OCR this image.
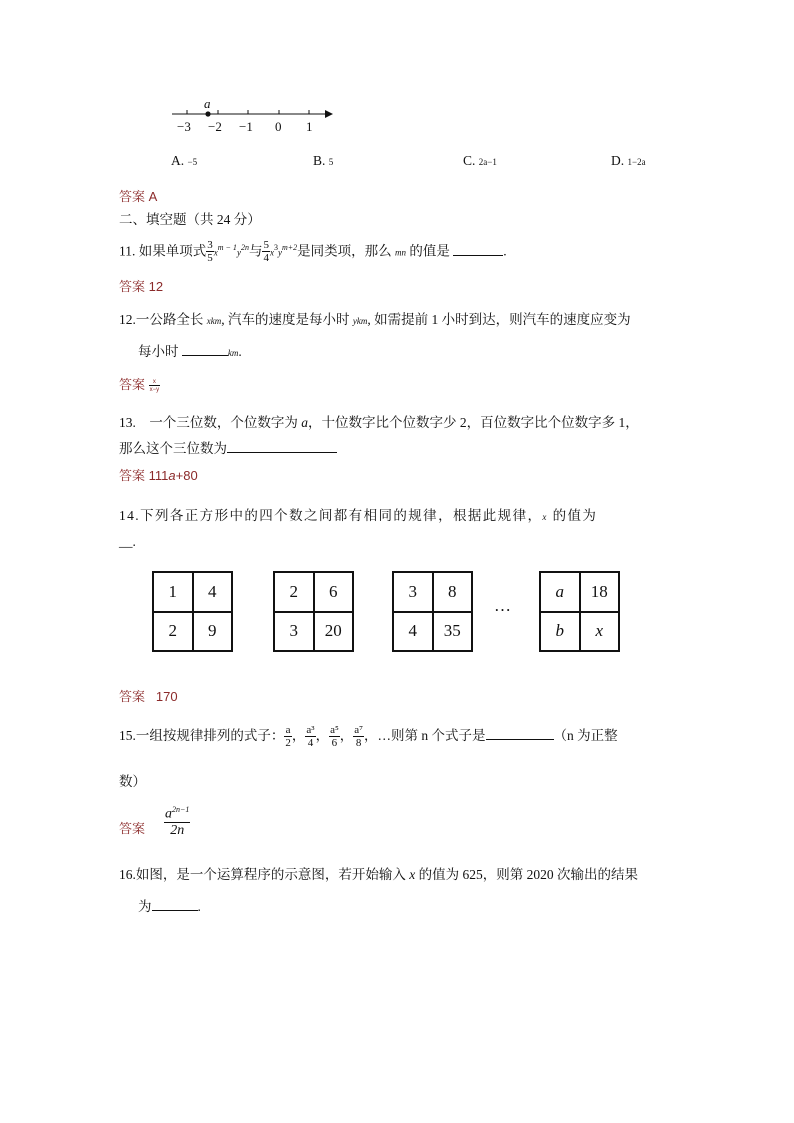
a
−3 −2 −1 0 1
A. −5	B. 5	C. 2a−1	D. 1−2a
答案 A
二、填空题（共 24 分）
11. 如果单项式 $\frac{3}{5} x^{m - 1}y^{2n}$与 $\frac{5}{4} x^3y^{m+2}$是同类项，那么 mn 的值是	.
答案 12
12.一公路全长 xkm, 汽车的速度是每小时 ykm, 如需提前 1 小时到达，则汽车的速度应变为
每小时	km.
答案 $\frac{x}{x-y}$
13. 一个三位数，个位数字为 a，十位数字比个位数字少 2，百位数字比个位数字多 1，
那么这个三位数为
答案 111a+80
14.下列各正方形中的四个数之间都有相同的规律，根据此规律，x 的值为
__.
1	4
2	9
2	6
3	20
3	8
4	35
…
a	18
b	x
答案 170
15.一组按规律排列的式子： $\frac{a}{2}$ ， $\frac{\text{a³}}{4}$ ， $\frac{\text{a⁵}}{6}$ ， $\frac{\text{a⁷}}{8}$ ，…则第 n 个式子是	（n 为正整
数）
答案 $\frac{a^{2n-1}}{2n}$
16.如图，是一个运算程序的示意图，若开始输入 x 的值为 625，则第 2020 次输出的结果
为	.
